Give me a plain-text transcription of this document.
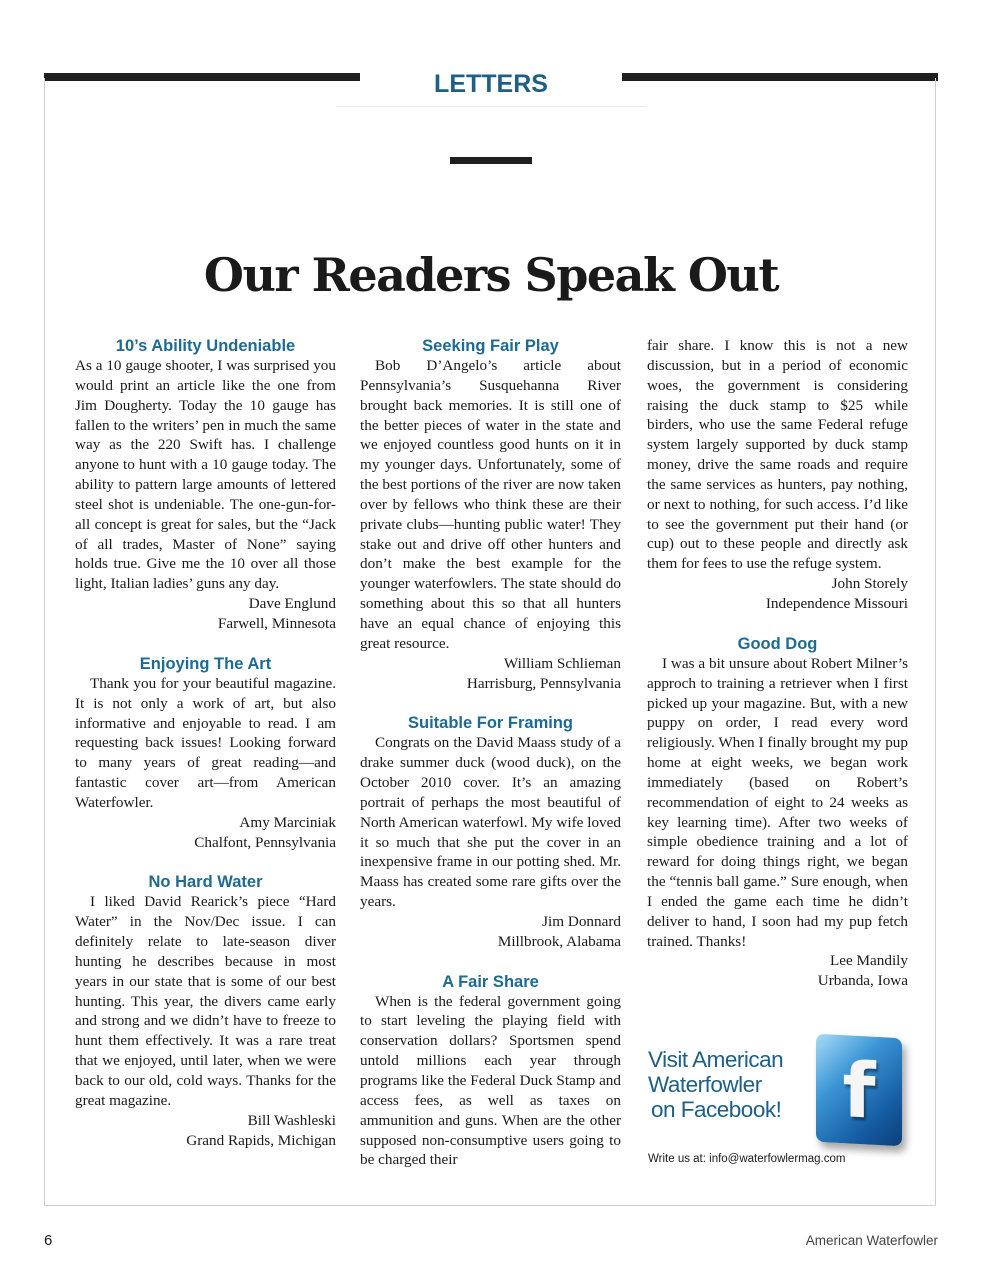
LETTERS
Our Readers Speak Out

10’s Ability Undeniable

As a 10 gauge shooter, I was surprised you would print an article like the one from Jim Dougherty. Today the 10 gauge has fallen to the writers’ pen in much the same way as the 220 Swift has. I challenge anyone to hunt with a 10 gauge today. The ability to pattern large amounts of lettered steel shot is undeniable. The one-gun-for-all concept is great for sales, but the “Jack of all trades, Master of None” saying holds true. Give me the 10 over all those light, Italian ladies’ guns any day.

Dave Englund

Farwell, Minnesota

Enjoying The Art

Thank you for your beautiful magazine. It is not only a work of art, but also informative and enjoyable to read. I am requesting back issues! Looking forward to many years of great reading—and fantastic cover art—from American Waterfowler.

Amy Marciniak

Chalfont, Pennsylvania

No Hard Water

I liked David Rearick’s piece “Hard Water” in the Nov/Dec issue. I can definitely relate to late-season diver hunting he describes because in most years in our state that is some of our best hunting. This year, the divers came early and strong and we didn’t have to freeze to hunt them effectively. It was a rare treat that we enjoyed, until later, when we were back to our old, cold ways. Thanks for the great magazine.

Bill Washleski

Grand Rapids, Michigan

Seeking Fair Play

Bob D’Angelo’s article about Pennsylvania’s Susquehanna River brought back memories. It is still one of the better pieces of water in the state and we enjoyed countless good hunts on it in my younger days. Unfortunately, some of the best portions of the river are now taken over by fellows who think these are their private clubs—hunting public water! They stake out and drive off other hunters and don’t make the best example for the younger waterfowlers. The state should do something about this so that all hunters have an equal chance of enjoying this great resource.

William Schlieman

Harrisburg, Pennsylvania

Suitable For Framing

Congrats on the David Maass study of a drake summer duck (wood duck), on the October 2010 cover. It’s an amazing portrait of perhaps the most beautiful of North American waterfowl. My wife loved it so much that she put the cover in an inexpensive frame in our potting shed. Mr. Maass has created some rare gifts over the years.

Jim Donnard

Millbrook, Alabama

A Fair Share

When is the federal government going to start leveling the playing field with conservation dollars? Sportsmen spend untold millions each year through programs like the Federal Duck Stamp and access fees, as well as taxes on ammunition and guns. When are the other supposed non-consumptive users going to be charged their

fair share. I know this is not a new discussion, but in a period of economic woes, the government is considering raising the duck stamp to $25 while birders, who use the same Federal refuge system largely supported by duck stamp money, drive the same roads and require the same services as hunters, pay nothing, or next to nothing, for such access. I’d like to see the government put their hand (or cup) out to these people and directly ask them for fees to use the refuge system.

John Storely

Independence Missouri

Good Dog

I was a bit unsure about Robert Milner’s approch to training a retriever when I first picked up your magazine. But, with a new puppy on order, I read every word religiously. When I finally brought my pup home at eight weeks, we began work immediately (based on Robert’s recommendation of eight to 24 weeks as key learning time). After two weeks of simple obedience training and a lot of reward for doing things right, we began the “tennis ball game.” Sure enough, when I ended the game each time he didn’t deliver to hand, I soon had my pup fetch trained. Thanks!

Lee Mandily

Urbanda, Iowa

Visit American
Waterfowler
on Facebook! f
Write us at: info@waterfowlermag.com
6	American Waterfowler
